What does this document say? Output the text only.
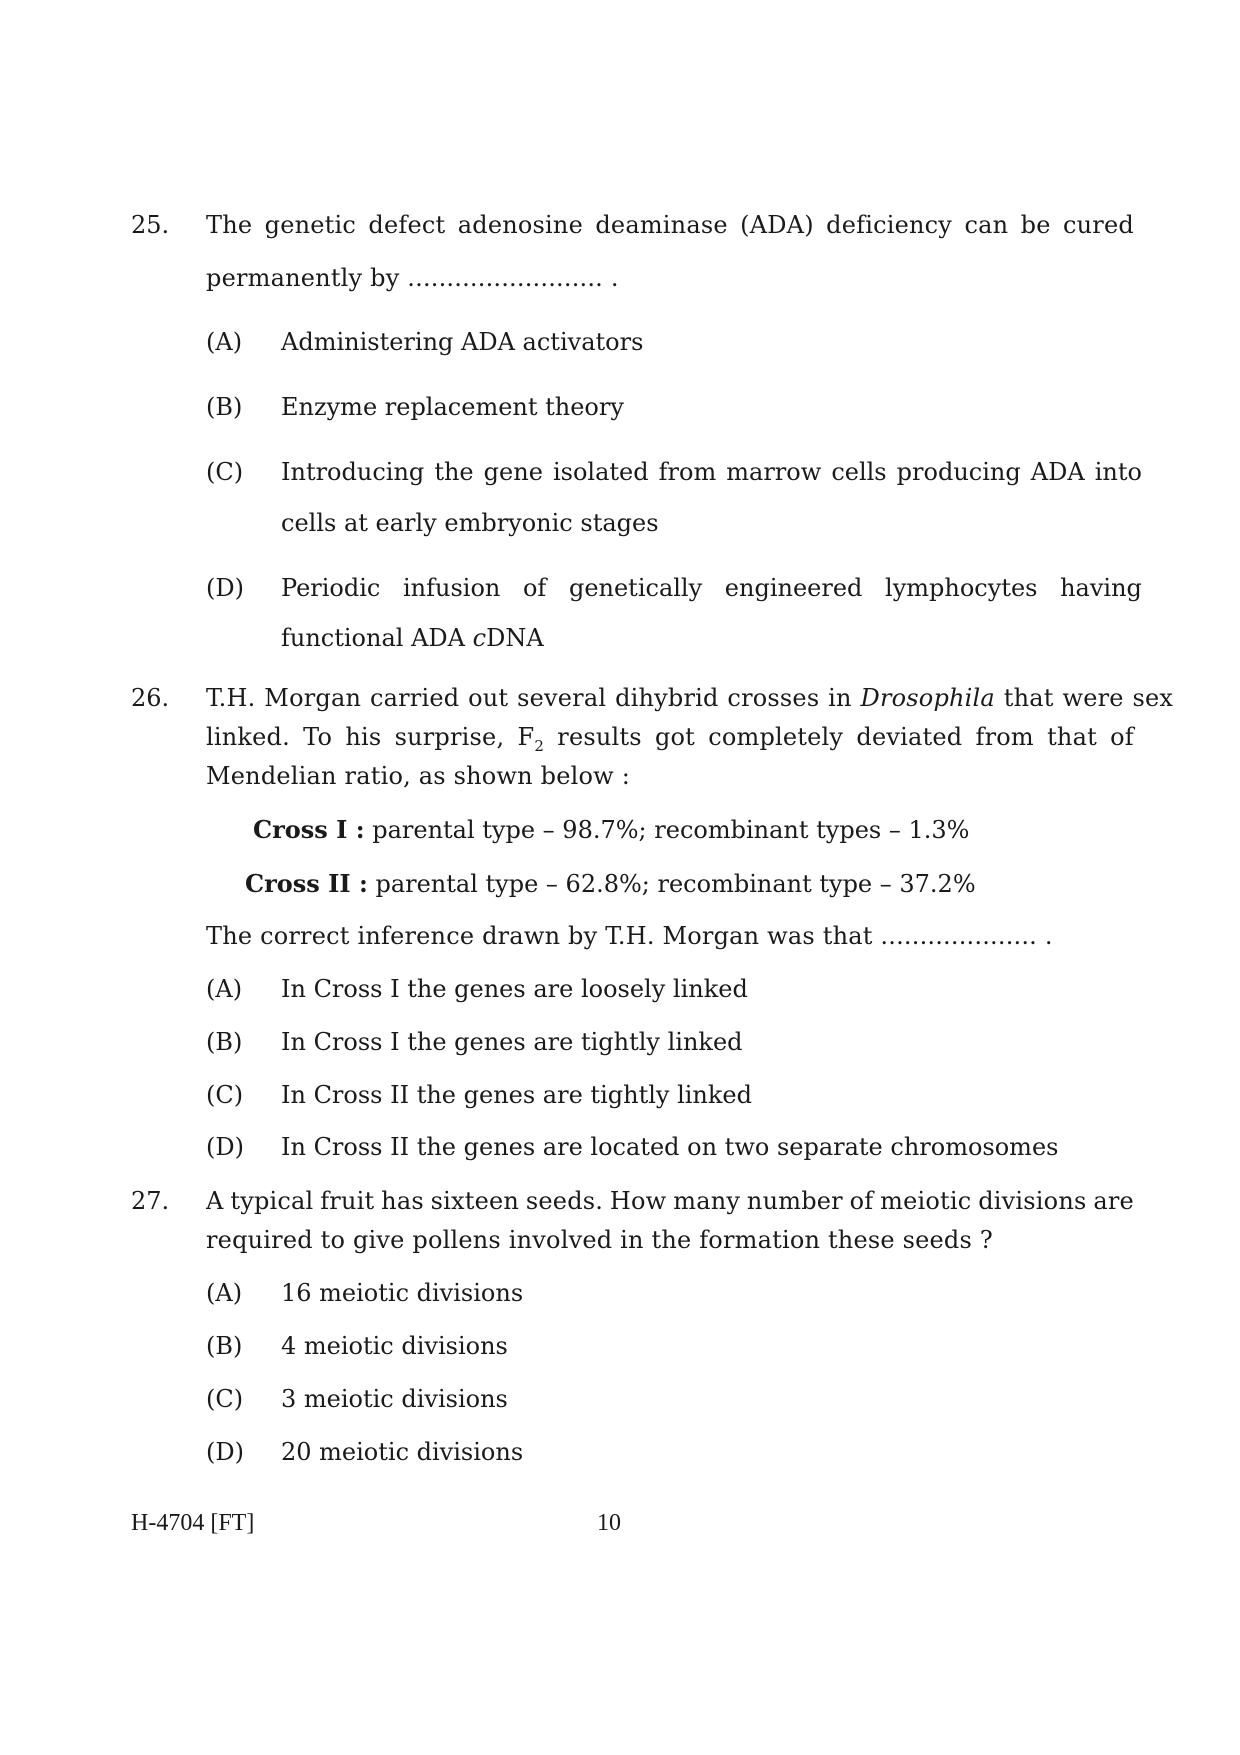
25. The genetic defect adenosine deaminase (ADA) deficiency can be cured
permanently by ......................... .
(A) Administering ADA activators
(B) Enzyme replacement theory
(C) Introducing the gene isolated from marrow cells producing ADA into
cells at early embryonic stages
(D) Periodic infusion of genetically engineered lymphocytes having
functional ADA cDNA
26. T.H. Morgan carried out several dihybrid crosses in Drosophila that were sex
linked. To his surprise, $F_2$ results got completely deviated from that of
Mendelian ratio, as shown below :
Cross I : parental type – 98.7%; recombinant types – 1.3%
Cross II : parental type – 62.8%; recombinant type – 37.2%
The correct inference drawn by T.H. Morgan was that .................... .
(A) In Cross I the genes are loosely linked
(B) In Cross I the genes are tightly linked
(C) In Cross II the genes are tightly linked
(D) In Cross II the genes are located on two separate chromosomes
27. A typical fruit has sixteen seeds. How many number of meiotic divisions are
required to give pollens involved in the formation these seeds ?
(A) 16 meiotic divisions
(B) 4 meiotic divisions
(C) 3 meiotic divisions
(D) 20 meiotic divisions
H-4704 [FT]	10
